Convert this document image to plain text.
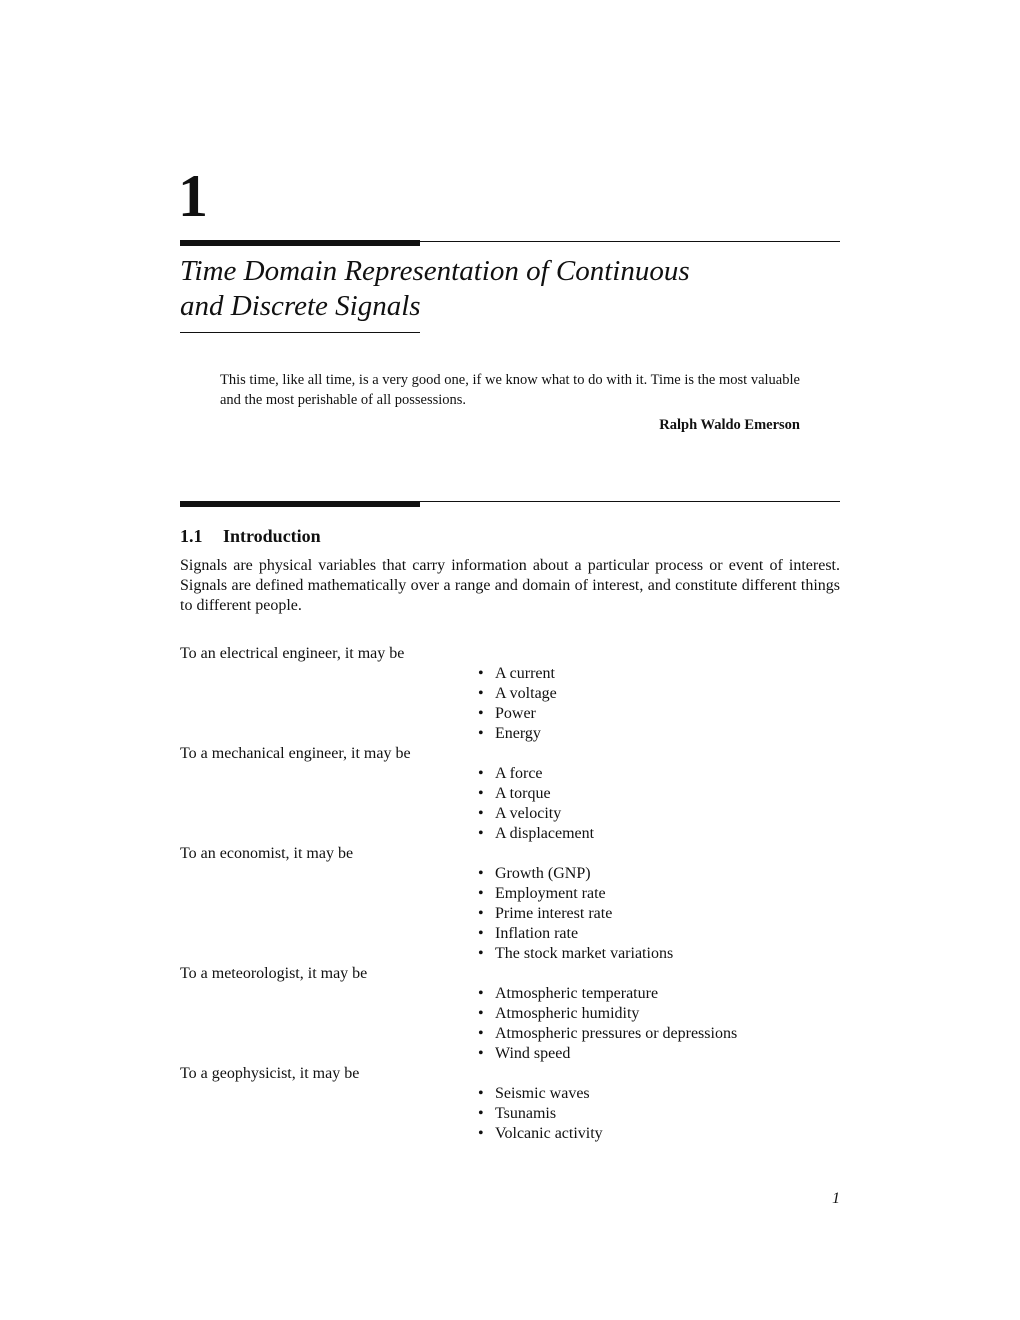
1
Time Domain Representation of Continuous
and Discrete Signals

This time, like all time, is a very good one, if we know what to do with it. Time is the most valuable and the most perishable of all possessions.

Ralph Waldo Emerson

1.1 Introduction

Signals are physical variables that carry information about a particular process or event of interest. Signals are defined mathematically over a range and domain of interest, and constitute different things to different people.

To an electrical engineer, it may be

• A current
• A voltage
• Power
• Energy

To a mechanical engineer, it may be

• A force
• A torque
• A velocity
• A displacement

To an economist, it may be

• Growth (GNP)
• Employment rate
• Prime interest rate
• Inflation rate
• The stock market variations

To a meteorologist, it may be

• Atmospheric temperature
• Atmospheric humidity
• Atmospheric pressures or depressions
• Wind speed

To a geophysicist, it may be

• Seismic waves
• Tsunamis
• Volcanic activity

1
